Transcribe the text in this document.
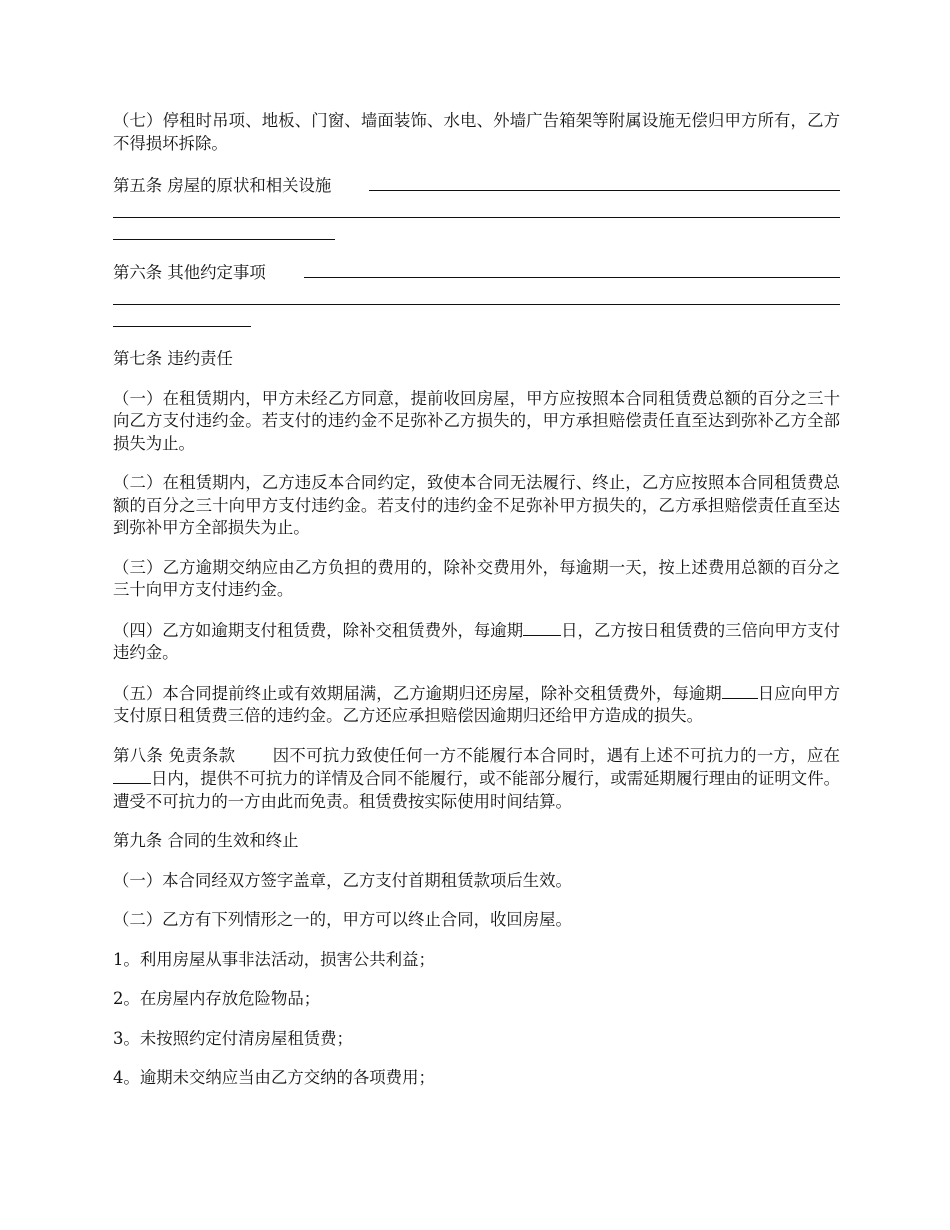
（七）停租时吊项、地板、门窗、墙面装饰、水电、外墙广告箱架等附属设施无偿归甲方所有，乙方不得损坏拆除。

第五条 房屋的原状和相关设施
第六条 其他约定事项

第七条 违约责任

（一）在租赁期内，甲方未经乙方同意，提前收回房屋，甲方应按照本合同租赁费总额的百分之三十向乙方支付违约金。若支付的违约金不足弥补乙方损失的，甲方承担赔偿责任直至达到弥补乙方全部损失为止。

（二）在租赁期内，乙方违反本合同约定，致使本合同无法履行、终止，乙方应按照本合同租赁费总额的百分之三十向甲方支付违约金。若支付的违约金不足弥补甲方损失的，乙方承担赔偿责任直至达到弥补甲方全部损失为止。

（三）乙方逾期交纳应由乙方负担的费用的，除补交费用外，每逾期一天，按上述费用总额的百分之三十向甲方支付违约金。

（四）乙方如逾期支付租赁费，除补交租赁费外，每逾期 日，乙方按日租赁费的三倍向甲方支付违约金。

（五）本合同提前终止或有效期届满，乙方逾期归还房屋，除补交租赁费外，每逾期 日应向甲方支付原日租赁费三倍的违约金。乙方还应承担赔偿因逾期归还给甲方造成的损失。

第八条 免责条款 因不可抗力致使任何一方不能履行本合同时，遇有上述不可抗力的一方，应在日内，提供不可抗力的详情及合同不能履行，或不能部分履行，或需延期履行理由的证明文件。遭受不可抗力的一方由此而免责。租赁费按实际使用时间结算。

第九条 合同的生效和终止

（一）本合同经双方签字盖章，乙方支付首期租赁款项后生效。

（二）乙方有下列情形之一的，甲方可以终止合同，收回房屋。

1。利用房屋从事非法活动，损害公共利益；

2。在房屋内存放危险物品；

3。未按照约定付清房屋租赁费；

4。逾期未交纳应当由乙方交纳的各项费用；
